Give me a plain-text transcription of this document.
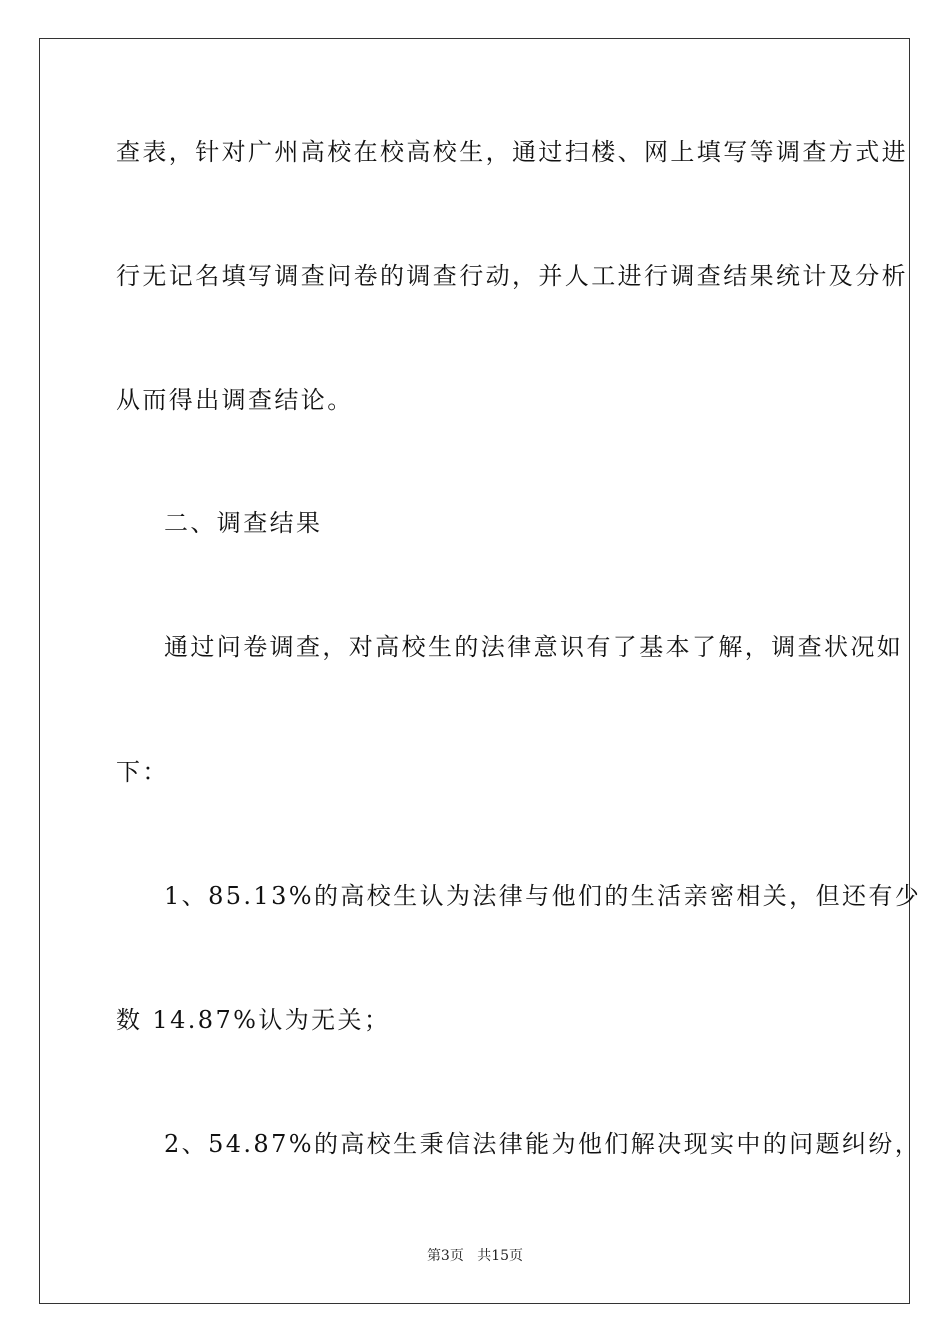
查表，针对广州高校在校高校生，通过扫楼、网上填写等调查方式进
行无记名填写调查问卷的调查行动，并人工进行调查结果统计及分析
从而得出调查结论。
二、调查结果
通过问卷调查，对高校生的法律意识有了基本了解，调查状况如
下：
1、85.13%的高校生认为法律与他们的生活亲密相关，但还有少
数 14.87%认为无关；
2、54.87%的高校生秉信法律能为他们解决现实中的问题纠纷，
第3页 共15页
